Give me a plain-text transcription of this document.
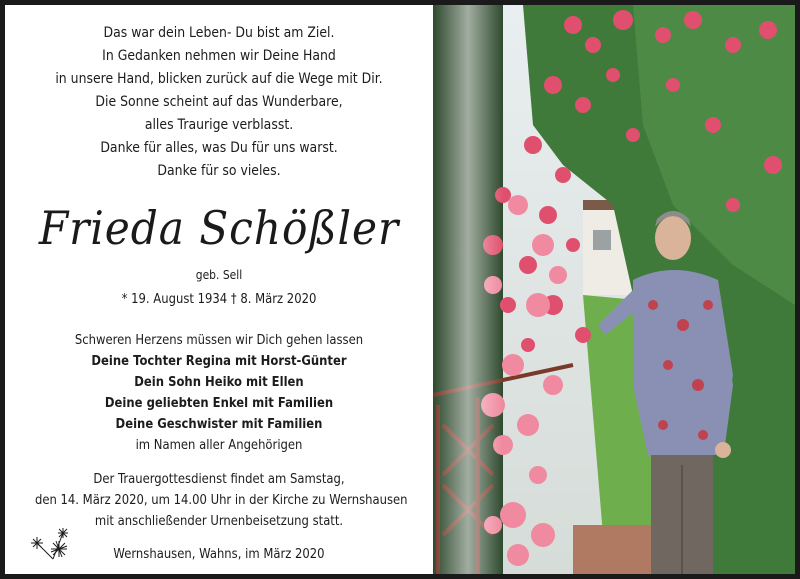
Das war dein Leben- Du bist am Ziel.
In Gedanken nehmen wir Deine Hand
in unsere Hand, blicken zurück auf die Wege mit Dir.
Die Sonne scheint auf das Wunderbare,
alles Traurige verblasst.
Danke für alles, was Du für uns warst.
Danke für so vieles.
Frieda Schößler
geb. Sell
* 19. August 1934 † 8. März 2020
Schweren Herzens müssen wir Dich gehen lassen
Deine Tochter Regina mit Horst-Günter
Dein Sohn Heiko mit Ellen
Deine geliebten Enkel mit Familien
Deine Geschwister mit Familien
im Namen aller Angehörigen
Der Trauergottesdienst findet am Samstag,
den 14. März 2020, um 14.00 Uhr in der Kirche zu Wernshausen
mit anschließender Urnenbeisetzung statt.
Wernshausen, Wahns, im März 2020
